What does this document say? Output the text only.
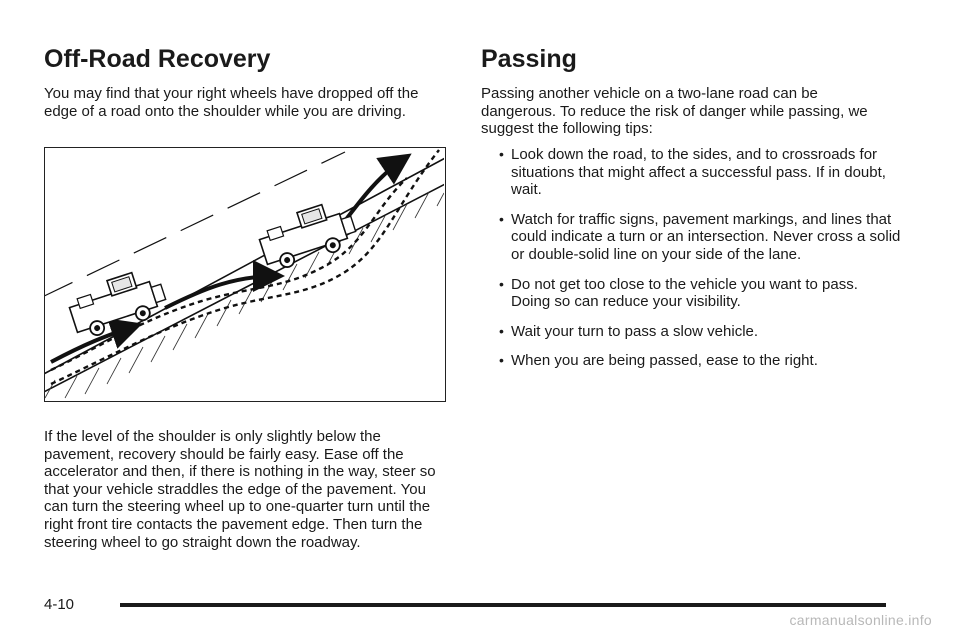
Off-Road Recovery

You may find that your right wheels have dropped off the edge of a road onto the shoulder while you are driving.

If the level of the shoulder is only slightly below the pavement, recovery should be fairly easy. Ease off the accelerator and then, if there is nothing in the way, steer so that your vehicle straddles the edge of the pavement. You can turn the steering wheel up to one-quarter turn until the right front tire contacts the pavement edge. Then turn the steering wheel to go straight down the roadway.

Passing

Passing another vehicle on a two-lane road can be dangerous. To reduce the risk of danger while passing, we suggest the following tips:

• Look down the road, to the sides, and to crossroads for situations that might affect a successful pass. If in doubt, wait.
• Watch for traffic signs, pavement markings, and lines that could indicate a turn or an intersection. Never cross a solid or double-solid line on your side of the lane.
• Do not get too close to the vehicle you want to pass. Doing so can reduce your visibility.
• Wait your turn to pass a slow vehicle.
• When you are being passed, ease to the right.
4-10
carmanualsonline.info
